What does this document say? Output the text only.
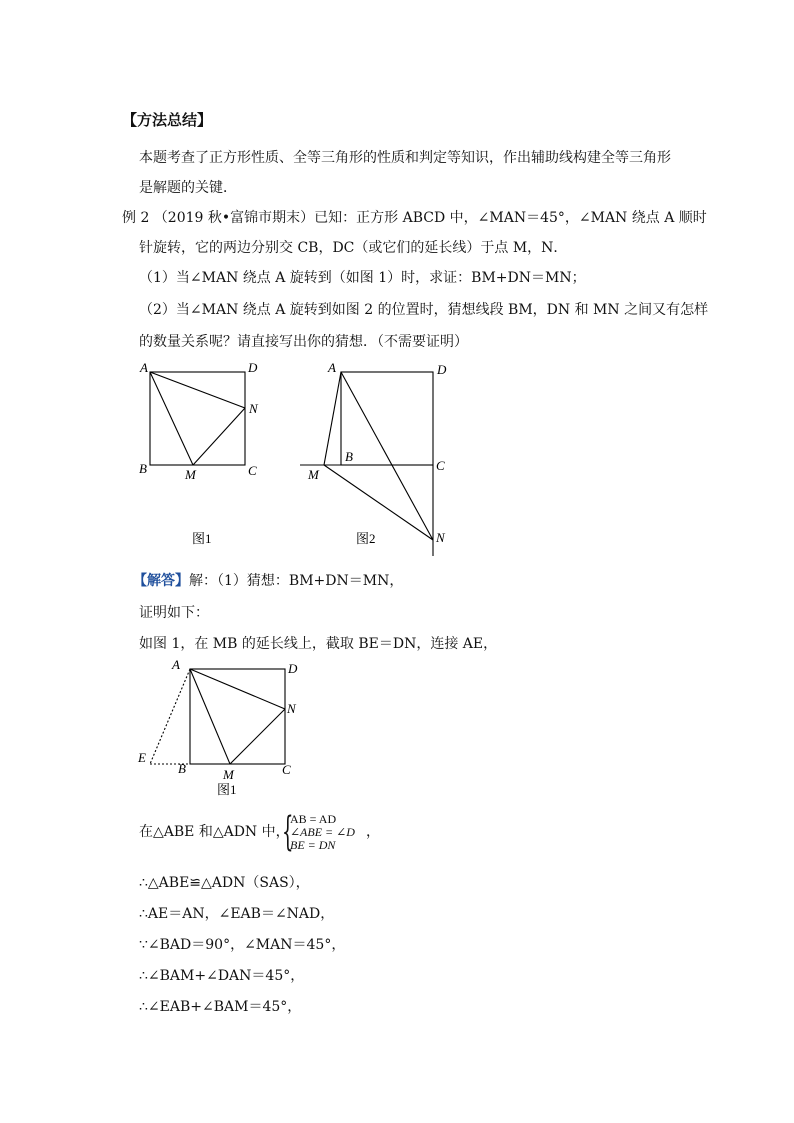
【方法总结】
本题考查了正方形性质、全等三角形的性质和判定等知识，作出辅助线构建全等三角形
是解题的关键．
例 2 （2019 秋•富锦市期末）已知：正方形 ABCD 中，∠MAN＝45°，∠MAN 绕点 A 顺时
针旋转，它的两边分别交 CB，DC（或它们的延长线）于点 M，N．
（1）当∠MAN 绕点 A 旋转到（如图 1）时，求证：BM+DN＝MN；
（2）当∠MAN 绕点 A 旋转到如图 2 的位置时，猜想线段 BM，DN 和 MN 之间又有怎样
的数量关系呢？请直接写出你的猜想．（不需要证明）
A	D
N
B	M	C
图1
A	D
B
C
M
N
图2
【解答】解：（1）猜想：BM+DN＝MN，
证明如下：
如图 1，在 MB 的延长线上，截取 BE＝DN，连接 AE，
A	D
N
E
B	M	C
图1
在△ABE 和△ADN 中，
{
AB = AD
∠ABE = ∠D
BE = DN
，
∴△ABE≌△ADN（SAS），
∴AE＝AN，∠EAB＝∠NAD，
∵∠BAD＝90°，∠MAN＝45°，
∴∠BAM+∠DAN＝45°，
∴∠EAB+∠BAM＝45°，
